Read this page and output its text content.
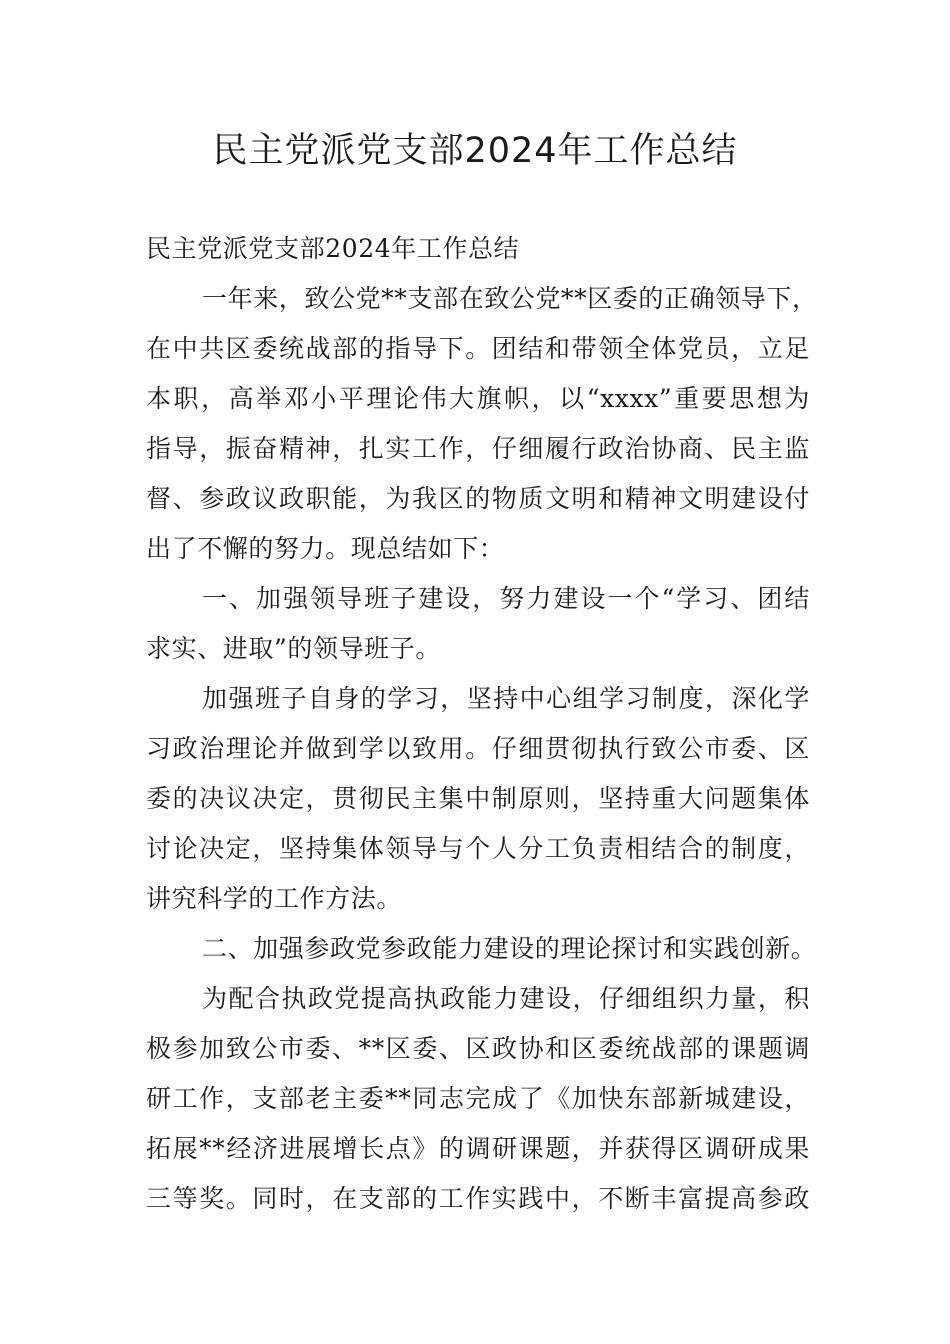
民主党派党支部2024年工作总结
民主党派党支部2024年工作总结
一年来，致公党**支部在致公党**区委的正确领导下，
在中共区委统战部的指导下。团结和带领全体党员，立足
本职，高举邓小平理论伟大旗帜，以“xxxx”重要思想为
指导，振奋精神，扎实工作，仔细履行政治协商、民主监
督、参政议政职能，为我区的物质文明和精神文明建设付
出了不懈的努力。现总结如下：
一、加强领导班子建设，努力建设一个“学习、团结
求实、进取”的领导班子。
加强班子自身的学习，坚持中心组学习制度，深化学
习政治理论并做到学以致用。仔细贯彻执行致公市委、区
委的决议决定，贯彻民主集中制原则，坚持重大问题集体
讨论决定，坚持集体领导与个人分工负责相结合的制度，
讲究科学的工作方法。
二、加强参政党参政能力建设的理论探讨和实践创新。
为配合执政党提高执政能力建设，仔细组织力量，积
极参加致公市委、**区委、区政协和区委统战部的课题调
研工作，支部老主委**同志完成了《加快东部新城建设，
拓展**经济进展增长点》的调研课题，并获得区调研成果
三等奖。同时，在支部的工作实践中，不断丰富提高参政
